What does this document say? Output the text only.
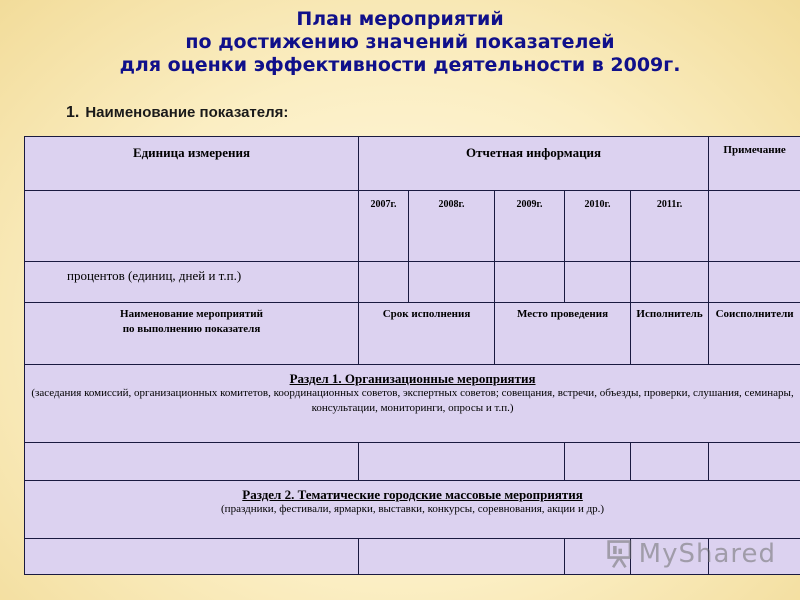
План мероприятий
по достижению значений показателей
для оценки эффективности деятельности в 2009г.
1. Наименование показателя:
Единица измерения	Отчетная информация					Примечание
	2007г.	2008г.	2009г.	2010г.	2011г.	
процентов (единиц, дней и т.п.)						

Наименование мероприятий
по выполнению показателя	Срок исполнения		Место проведения		Исполнитель	Соисполнители

Раздел 1. Организационные мероприятия
(заседания комиссий, организационных комитетов, координационных советов, экспертных советов; совещания, встречи, объезды, проверки, слушания, семинары, консультации, мониторинги, опросы и т.п.)						

Раздел 2. Тематические городские массовые мероприятия
(праздники, фестивали, ярмарки, выставки, конкурсы, соревнования, акции и др.)						

MyShared
